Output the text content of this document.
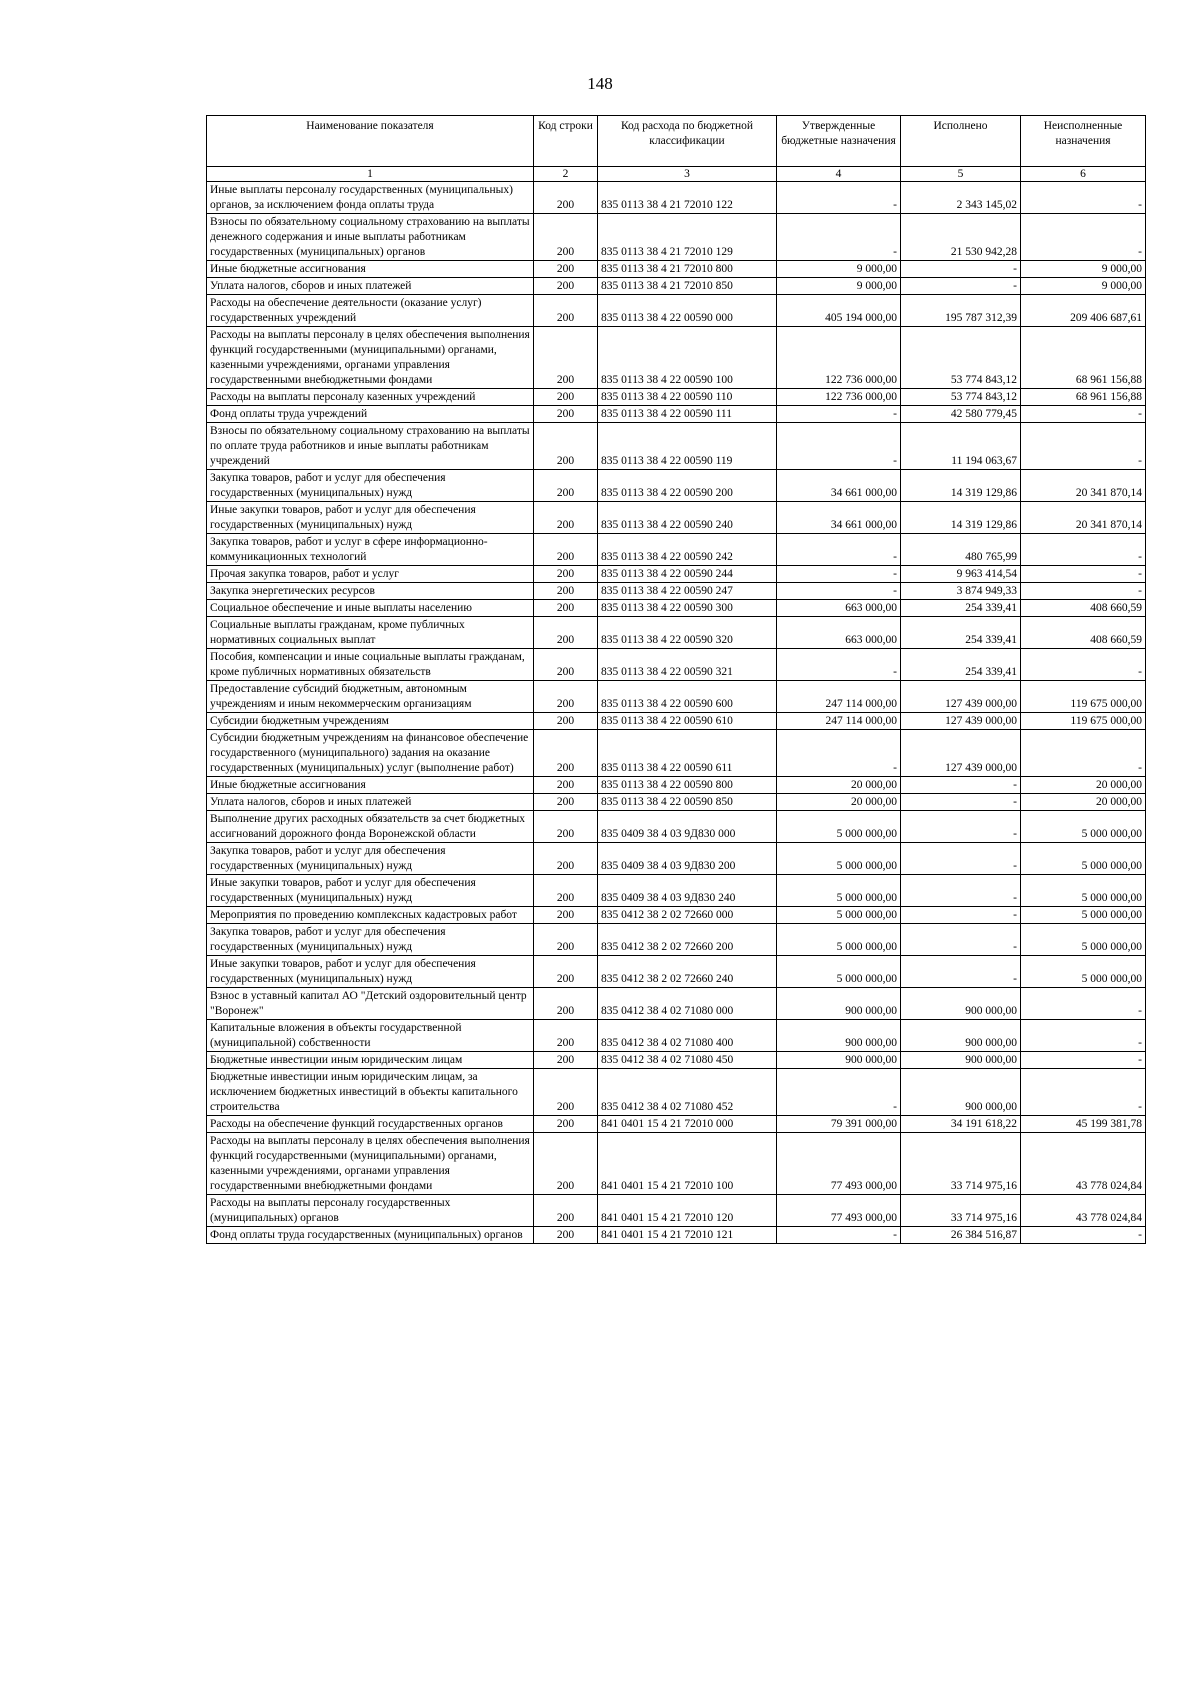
148
Наименование показателя	Код строки	Код расхода по бюджетной классификации	Утвержденные бюджетные назначения	Исполнено	Неисполненные назначения
1	2	3	4	5	6
Иные выплаты персоналу государственных (муниципальных) органов, за исключением фонда оплаты труда	200	835 0113 38 4 21 72010 122	-	2 343 145,02	-
Взносы по обязательному социальному страхованию на выплаты денежного содержания и иные выплаты работникам государственных (муниципальных) органов	200	835 0113 38 4 21 72010 129	-	21 530 942,28	-
Иные бюджетные ассигнования	200	835 0113 38 4 21 72010 800	9 000,00	-	9 000,00
Уплата налогов, сборов и иных платежей	200	835 0113 38 4 21 72010 850	9 000,00	-	9 000,00
Расходы на обеспечение деятельности (оказание услуг) государственных учреждений	200	835 0113 38 4 22 00590 000	405 194 000,00	195 787 312,39	209 406 687,61
Расходы на выплаты персоналу в целях обеспечения выполнения функций государственными (муниципальными) органами, казенными учреждениями, органами управления государственными внебюджетными фондами	200	835 0113 38 4 22 00590 100	122 736 000,00	53 774 843,12	68 961 156,88
Расходы на выплаты персоналу казенных учреждений	200	835 0113 38 4 22 00590 110	122 736 000,00	53 774 843,12	68 961 156,88
Фонд оплаты труда учреждений	200	835 0113 38 4 22 00590 111	-	42 580 779,45	-
Взносы по обязательному социальному страхованию на выплаты по оплате труда работников и иные выплаты работникам учреждений	200	835 0113 38 4 22 00590 119	-	11 194 063,67	-
Закупка товаров, работ и услуг для обеспечения государственных (муниципальных) нужд	200	835 0113 38 4 22 00590 200	34 661 000,00	14 319 129,86	20 341 870,14
Иные закупки товаров, работ и услуг для обеспечения государственных (муниципальных) нужд	200	835 0113 38 4 22 00590 240	34 661 000,00	14 319 129,86	20 341 870,14
Закупка товаров, работ и услуг в сфере информационно-коммуникационных технологий	200	835 0113 38 4 22 00590 242	-	480 765,99	-
Прочая закупка товаров, работ и услуг	200	835 0113 38 4 22 00590 244	-	9 963 414,54	-
Закупка энергетических ресурсов	200	835 0113 38 4 22 00590 247	-	3 874 949,33	-
Социальное обеспечение и иные выплаты населению	200	835 0113 38 4 22 00590 300	663 000,00	254 339,41	408 660,59
Социальные выплаты гражданам, кроме публичных нормативных социальных выплат	200	835 0113 38 4 22 00590 320	663 000,00	254 339,41	408 660,59
Пособия, компенсации и иные социальные выплаты гражданам, кроме публичных нормативных обязательств	200	835 0113 38 4 22 00590 321	-	254 339,41	-
Предоставление субсидий бюджетным, автономным учреждениям и иным некоммерческим организациям	200	835 0113 38 4 22 00590 600	247 114 000,00	127 439 000,00	119 675 000,00
Субсидии бюджетным учреждениям	200	835 0113 38 4 22 00590 610	247 114 000,00	127 439 000,00	119 675 000,00
Субсидии бюджетным учреждениям на финансовое обеспечение государственного (муниципального) задания на оказание государственных (муниципальных) услуг (выполнение работ)	200	835 0113 38 4 22 00590 611	-	127 439 000,00	-
Иные бюджетные ассигнования	200	835 0113 38 4 22 00590 800	20 000,00	-	20 000,00
Уплата налогов, сборов и иных платежей	200	835 0113 38 4 22 00590 850	20 000,00	-	20 000,00
Выполнение других расходных обязательств за счет бюджетных ассигнований дорожного фонда Воронежской области	200	835 0409 38 4 03 9Д830 000	5 000 000,00	-	5 000 000,00
Закупка товаров, работ и услуг для обеспечения государственных (муниципальных) нужд	200	835 0409 38 4 03 9Д830 200	5 000 000,00	-	5 000 000,00
Иные закупки товаров, работ и услуг для обеспечения государственных (муниципальных) нужд	200	835 0409 38 4 03 9Д830 240	5 000 000,00	-	5 000 000,00
Мероприятия по проведению комплексных кадастровых работ	200	835 0412 38 2 02 72660 000	5 000 000,00	-	5 000 000,00
Закупка товаров, работ и услуг для обеспечения государственных (муниципальных) нужд	200	835 0412 38 2 02 72660 200	5 000 000,00	-	5 000 000,00
Иные закупки товаров, работ и услуг для обеспечения государственных (муниципальных) нужд	200	835 0412 38 2 02 72660 240	5 000 000,00	-	5 000 000,00
Взнос в уставный капитал АО "Детский оздоровительный центр "Воронеж"	200	835 0412 38 4 02 71080 000	900 000,00	900 000,00	-
Капитальные вложения в объекты государственной (муниципальной) собственности	200	835 0412 38 4 02 71080 400	900 000,00	900 000,00	-
Бюджетные инвестиции иным юридическим лицам	200	835 0412 38 4 02 71080 450	900 000,00	900 000,00	-
Бюджетные инвестиции иным юридическим лицам, за исключением бюджетных инвестиций в объекты капитального строительства	200	835 0412 38 4 02 71080 452	-	900 000,00	-
Расходы на обеспечение функций государственных органов	200	841 0401 15 4 21 72010 000	79 391 000,00	34 191 618,22	45 199 381,78
Расходы на выплаты персоналу в целях обеспечения выполнения функций государственными (муниципальными) органами, казенными учреждениями, органами управления государственными внебюджетными фондами	200	841 0401 15 4 21 72010 100	77 493 000,00	33 714 975,16	43 778 024,84
Расходы на выплаты персоналу государственных (муниципальных) органов	200	841 0401 15 4 21 72010 120	77 493 000,00	33 714 975,16	43 778 024,84
Фонд оплаты труда государственных (муниципальных) органов	200	841 0401 15 4 21 72010 121	-	26 384 516,87	-
